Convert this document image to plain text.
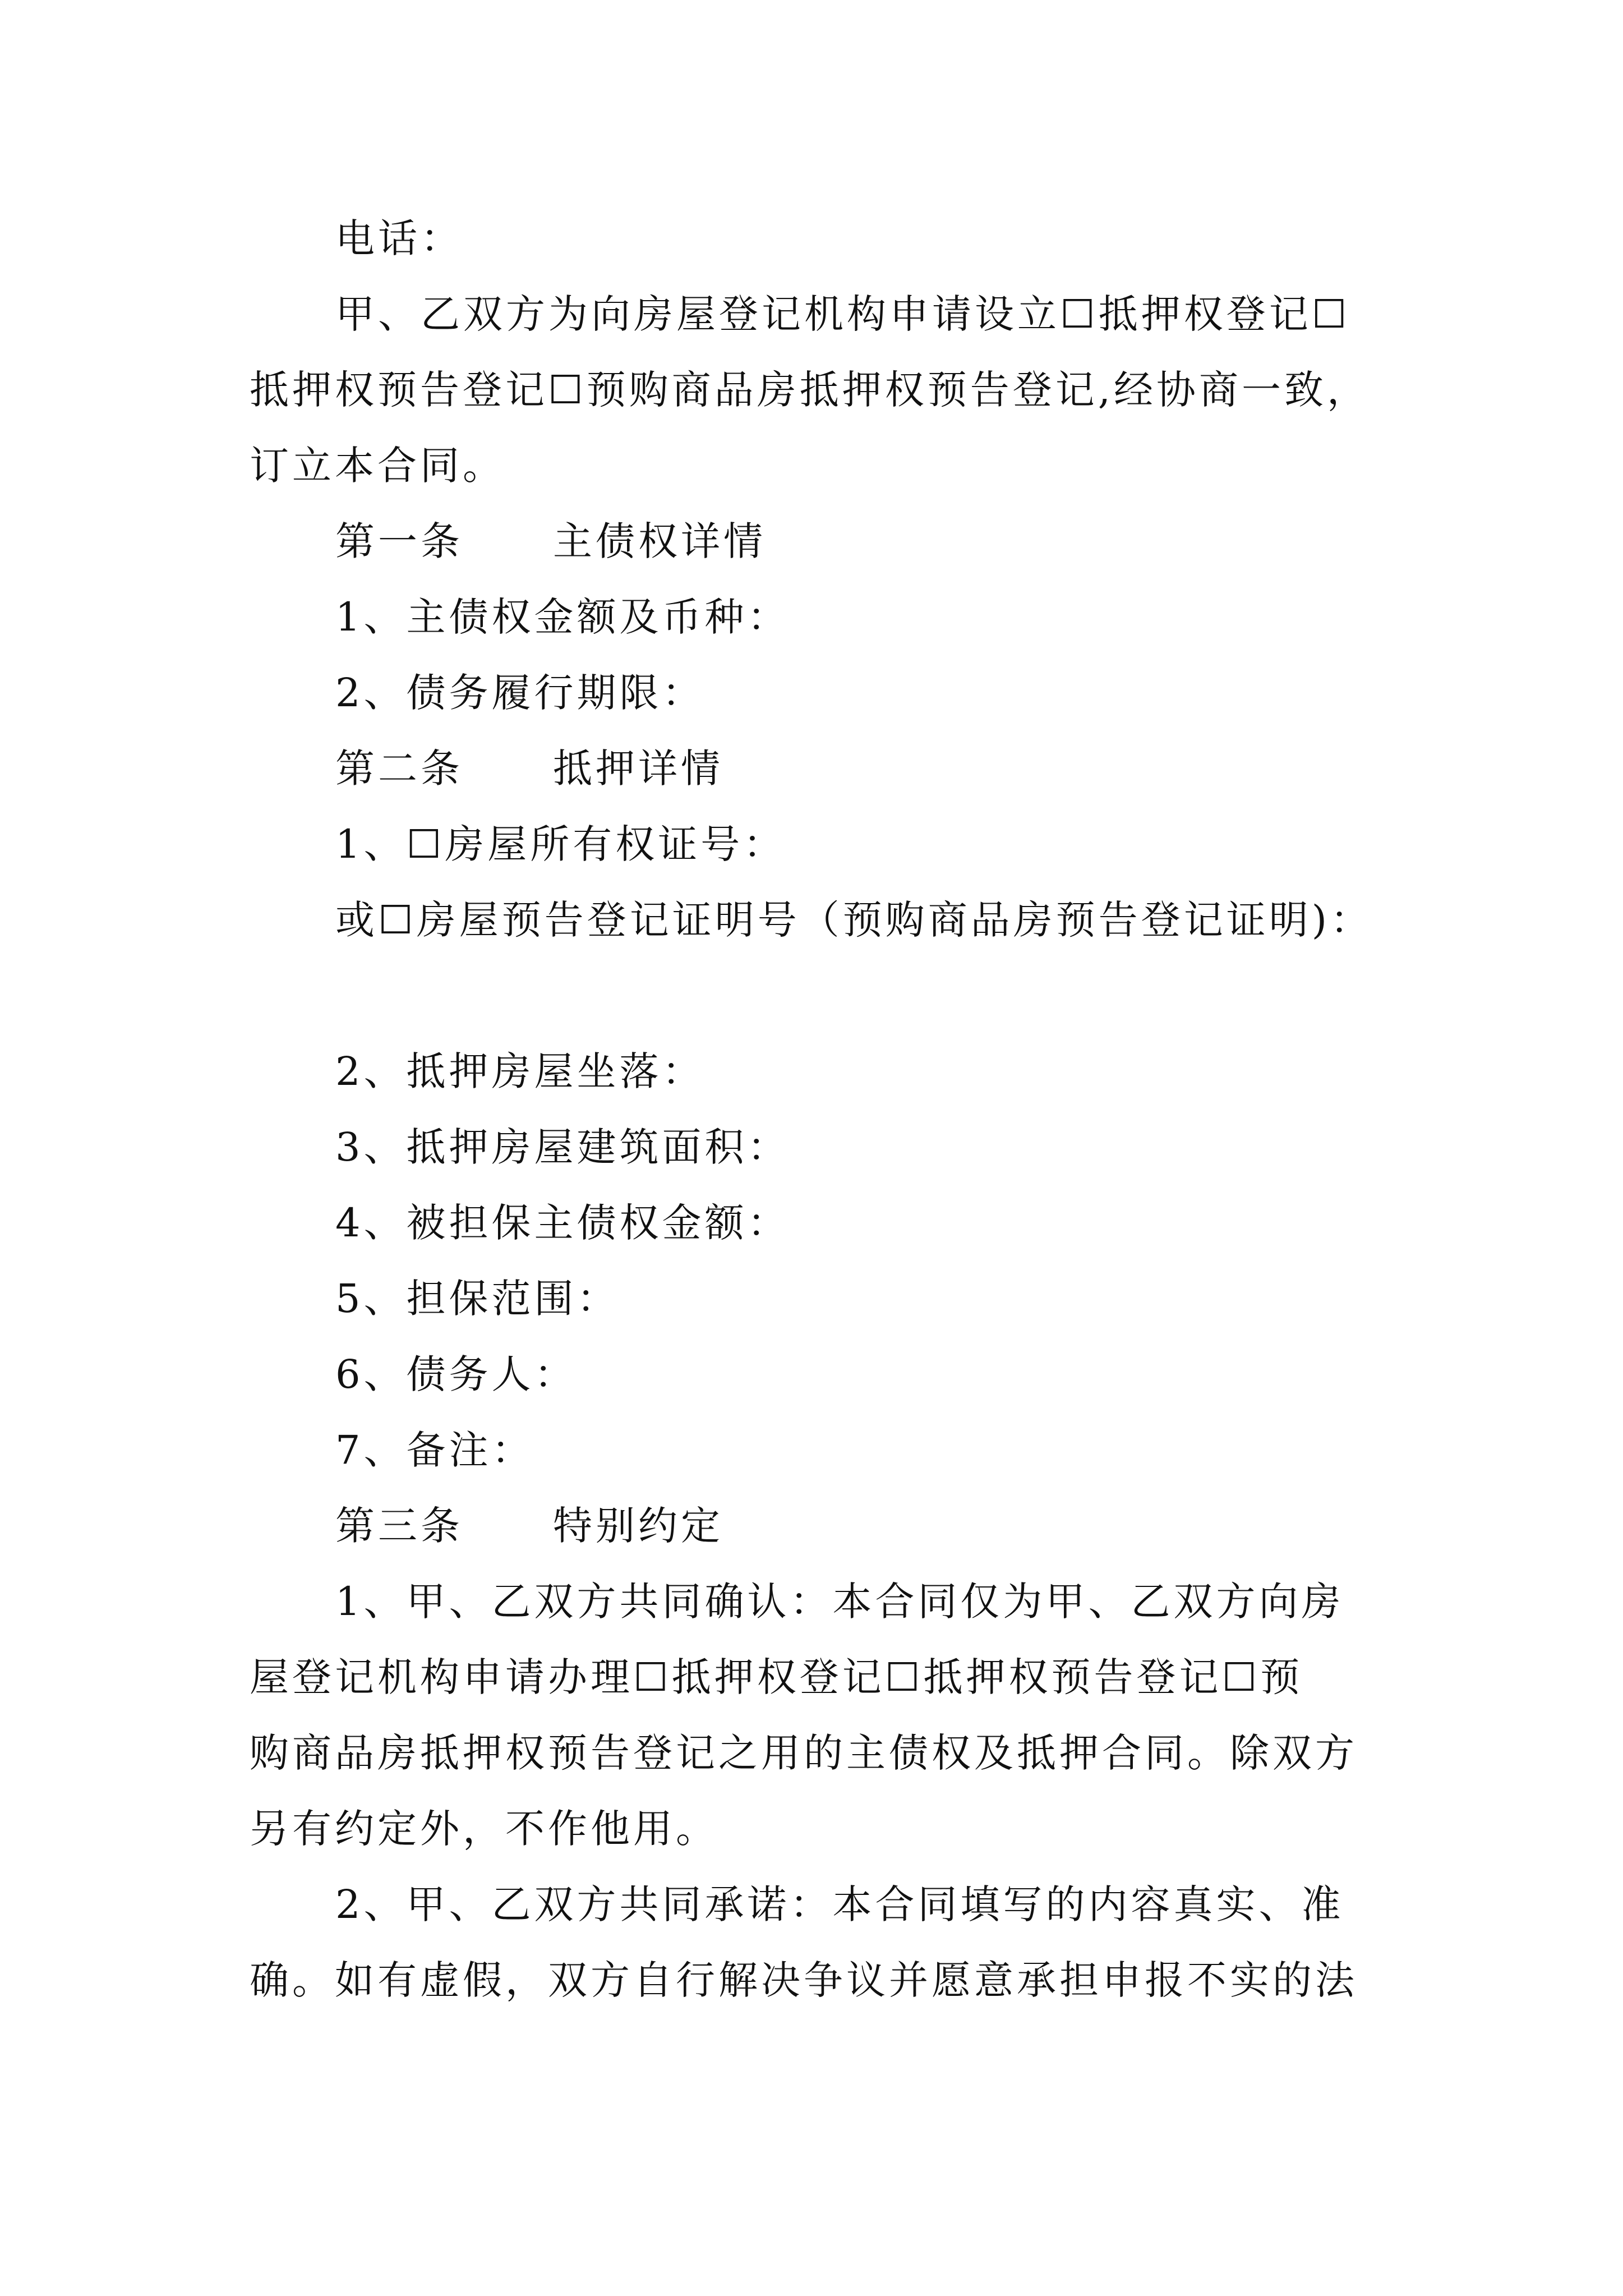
电话：
甲、乙双方为向房屋登记机构申请设立☐抵押权登记☐
抵押权预告登记☐预购商品房抵押权预告登记,经协商一致，
订立本合同。
第一条 主债权详情
1、主债权金额及币种：
2、债务履行期限：
第二条 抵押详情
1、☐房屋所有权证号：
或☐房屋预告登记证明号（预购商品房预告登记证明)：
2、抵押房屋坐落：
3、抵押房屋建筑面积：
4、被担保主债权金额：
5、担保范围：
6、债务人：
7、备注：
第三条 特别约定
1、甲、乙双方共同确认：本合同仅为甲、乙双方向房
屋登记机构申请办理☐抵押权登记☐抵押权预告登记☐预
购商品房抵押权预告登记之用的主债权及抵押合同。除双方
另有约定外，不作他用。
2、甲、乙双方共同承诺：本合同填写的内容真实、准
确。如有虚假，双方自行解决争议并愿意承担申报不实的法
